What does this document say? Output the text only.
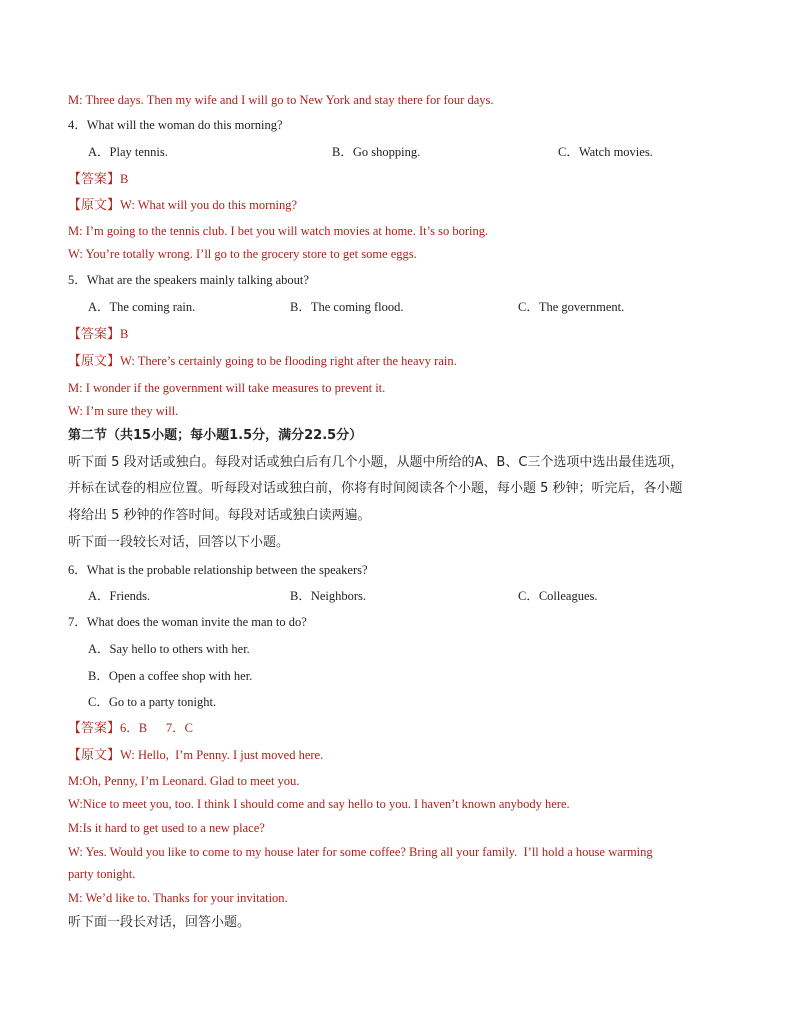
M: Three days. Then my wife and I will go to New York and stay there for four days.
4．What will the woman do this morning?
A．Play tennis.	B．Go shopping.	C．Watch movies.
【答案】B
【原文】W: What will you do this morning?
M: I’m going to the tennis club. I bet you will watch movies at home. It’s so boring.
W: You’re totally wrong. I’ll go to the grocery store to get some eggs.
5．What are the speakers mainly talking about?
A．The coming rain.	B．The coming flood.	C．The government.
【答案】B
【原文】W: There’s certainly going to be flooding right after the heavy rain.
M: I wonder if the government will take measures to prevent it.
W: I’m sure they will.
第二节（共15小题；每小题1.5分，满分22.5分）
听下面 5 段对话或独白。每段对话或独白后有几个小题，从题中所给的A、B、C三个选项中选出最佳选项，
并标在试卷的相应位置。听每段对话或独白前，你将有时间阅读各个小题，每小题 5 秒钟；听完后，各小题
将给出 5 秒钟的作答时间。每段对话或独白读两遍。
听下面一段较长对话，回答以下小题。
6．What is the probable relationship between the speakers?
A．Friends.	B．Neighbors.	C．Colleagues.
7．What does the woman invite the man to do?
A．Say hello to others with her.
B．Open a coffee shop with her.
C．Go to a party tonight.
【答案】6．B      7．C
【原文】W: Hello,  I’m Penny. I just moved here.
M:Oh, Penny, I’m Leonard. Glad to meet you.
W:Nice to meet you, too. I think I should come and say hello to you. I haven’t known anybody here.
M:Is it hard to get used to a new place?
W: Yes. Would you like to come to my house later for some coffee? Bring all your family.  I’ll hold a house warming
party tonight.
M: We’d like to. Thanks for your invitation.
听下面一段长对话，回答小题。
